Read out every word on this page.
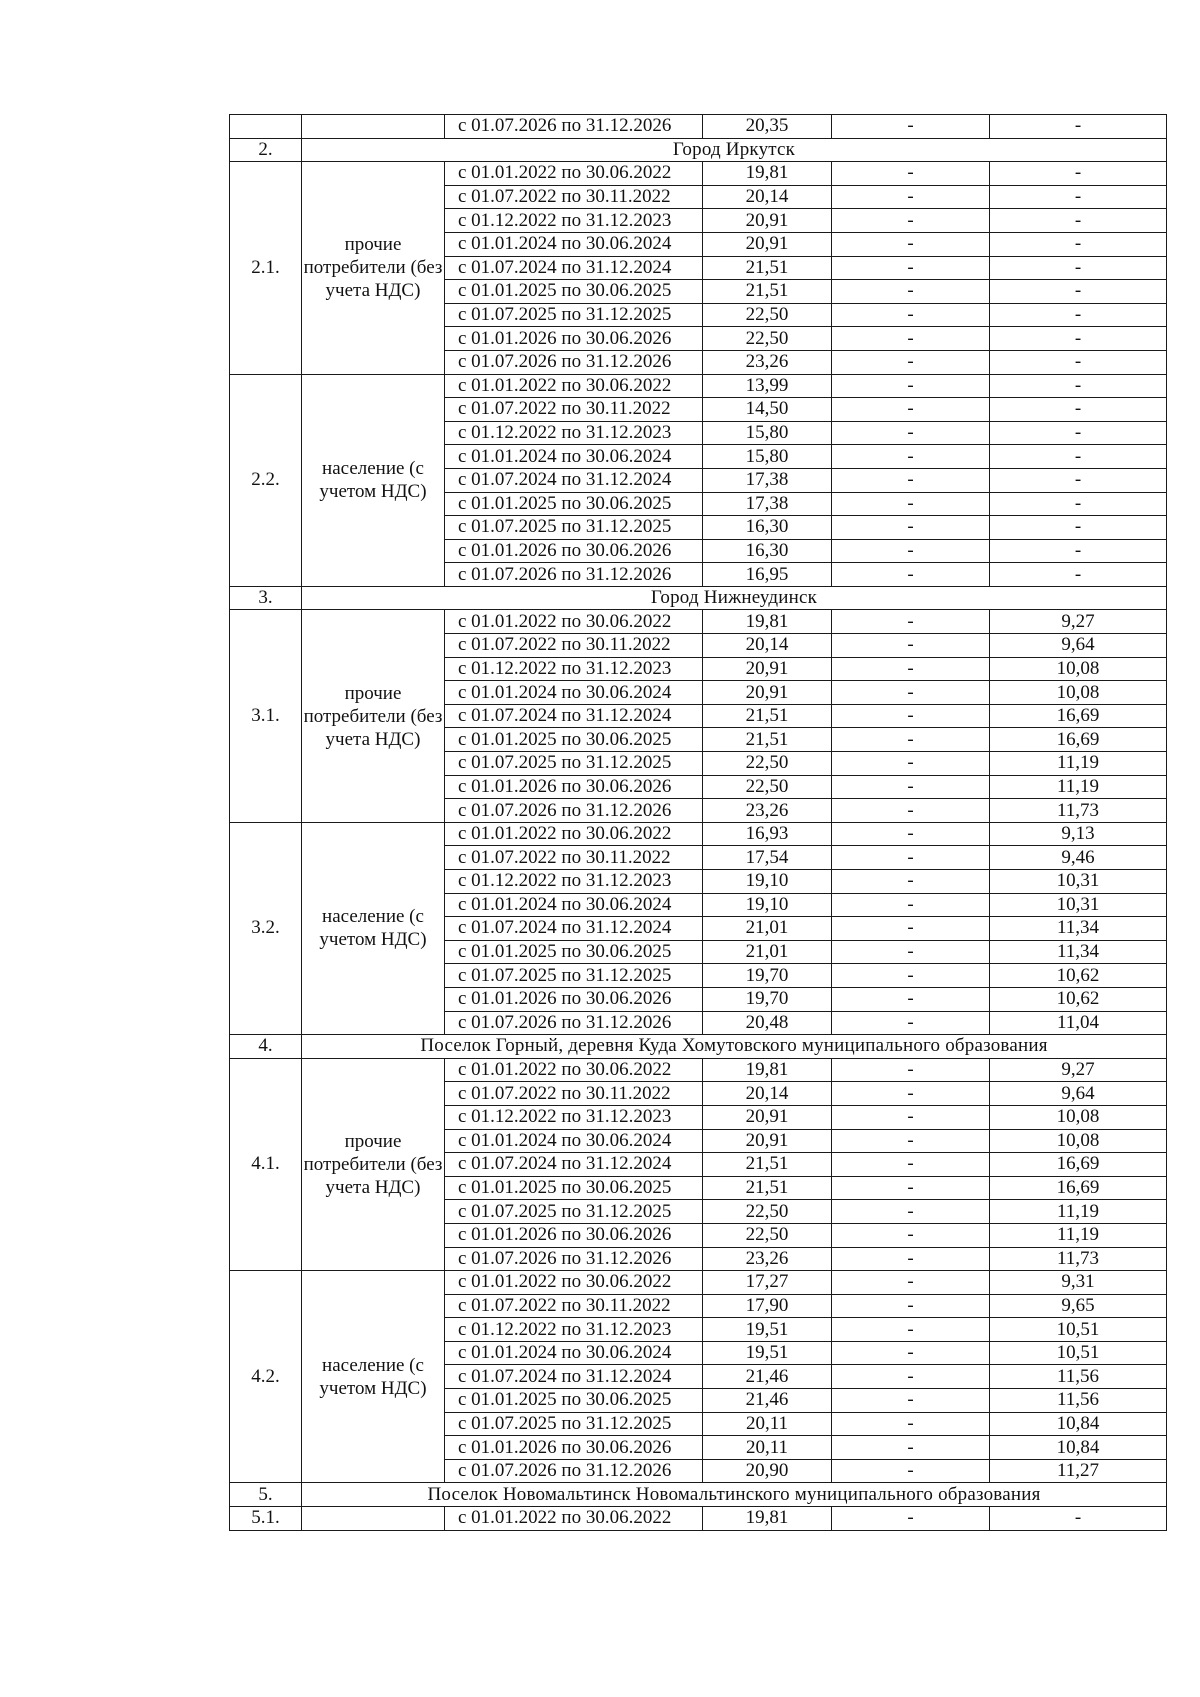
		с 01.07.2026 по 31.12.2026	20,35	-	-
2.	Город Иркутск				
2.1.	прочие потребители (без учета НДС)	с 01.01.2022 по 30.06.2022	19,81	-	-
		с 01.07.2022 по 30.11.2022	20,14	-	-
		с 01.12.2022 по 31.12.2023	20,91	-	-
		с 01.01.2024 по 30.06.2024	20,91	-	-
		с 01.07.2024 по 31.12.2024	21,51	-	-
		с 01.01.2025 по 30.06.2025	21,51	-	-
		с 01.07.2025 по 31.12.2025	22,50	-	-
		с 01.01.2026 по 30.06.2026	22,50	-	-
		с 01.07.2026 по 31.12.2026	23,26	-	-
2.2.	население (с учетом НДС)	с 01.01.2022 по 30.06.2022	13,99	-	-
		с 01.07.2022 по 30.11.2022	14,50	-	-
		с 01.12.2022 по 31.12.2023	15,80	-	-
		с 01.01.2024 по 30.06.2024	15,80	-	-
		с 01.07.2024 по 31.12.2024	17,38	-	-
		с 01.01.2025 по 30.06.2025	17,38	-	-
		с 01.07.2025 по 31.12.2025	16,30	-	-
		с 01.01.2026 по 30.06.2026	16,30	-	-
		с 01.07.2026 по 31.12.2026	16,95	-	-
3.	Город Нижнеудинск				
3.1.	прочие потребители (без учета НДС)	с 01.01.2022 по 30.06.2022	19,81	-	9,27
		с 01.07.2022 по 30.11.2022	20,14	-	9,64
		с 01.12.2022 по 31.12.2023	20,91	-	10,08
		с 01.01.2024 по 30.06.2024	20,91	-	10,08
		с 01.07.2024 по 31.12.2024	21,51	-	16,69
		с 01.01.2025 по 30.06.2025	21,51	-	16,69
		с 01.07.2025 по 31.12.2025	22,50	-	11,19
		с 01.01.2026 по 30.06.2026	22,50	-	11,19
		с 01.07.2026 по 31.12.2026	23,26	-	11,73
3.2.	население (с учетом НДС)	с 01.01.2022 по 30.06.2022	16,93	-	9,13
		с 01.07.2022 по 30.11.2022	17,54	-	9,46
		с 01.12.2022 по 31.12.2023	19,10	-	10,31
		с 01.01.2024 по 30.06.2024	19,10	-	10,31
		с 01.07.2024 по 31.12.2024	21,01	-	11,34
		с 01.01.2025 по 30.06.2025	21,01	-	11,34
		с 01.07.2025 по 31.12.2025	19,70	-	10,62
		с 01.01.2026 по 30.06.2026	19,70	-	10,62
		с 01.07.2026 по 31.12.2026	20,48	-	11,04
4.	Поселок Горный, деревня Куда Хомутовского муниципального образования				
4.1.	прочие потребители (без учета НДС)	с 01.01.2022 по 30.06.2022	19,81	-	9,27
		с 01.07.2022 по 30.11.2022	20,14	-	9,64
		с 01.12.2022 по 31.12.2023	20,91	-	10,08
		с 01.01.2024 по 30.06.2024	20,91	-	10,08
		с 01.07.2024 по 31.12.2024	21,51	-	16,69
		с 01.01.2025 по 30.06.2025	21,51	-	16,69
		с 01.07.2025 по 31.12.2025	22,50	-	11,19
		с 01.01.2026 по 30.06.2026	22,50	-	11,19
		с 01.07.2026 по 31.12.2026	23,26	-	11,73
4.2.	население (с учетом НДС)	с 01.01.2022 по 30.06.2022	17,27	-	9,31
		с 01.07.2022 по 30.11.2022	17,90	-	9,65
		с 01.12.2022 по 31.12.2023	19,51	-	10,51
		с 01.01.2024 по 30.06.2024	19,51	-	10,51
		с 01.07.2024 по 31.12.2024	21,46	-	11,56
		с 01.01.2025 по 30.06.2025	21,46	-	11,56
		с 01.07.2025 по 31.12.2025	20,11	-	10,84
		с 01.01.2026 по 30.06.2026	20,11	-	10,84
		с 01.07.2026 по 31.12.2026	20,90	-	11,27
5.	Поселок Новомальтинск Новомальтинского муниципального образования				
5.1.		с 01.01.2022 по 30.06.2022	19,81	-	-
